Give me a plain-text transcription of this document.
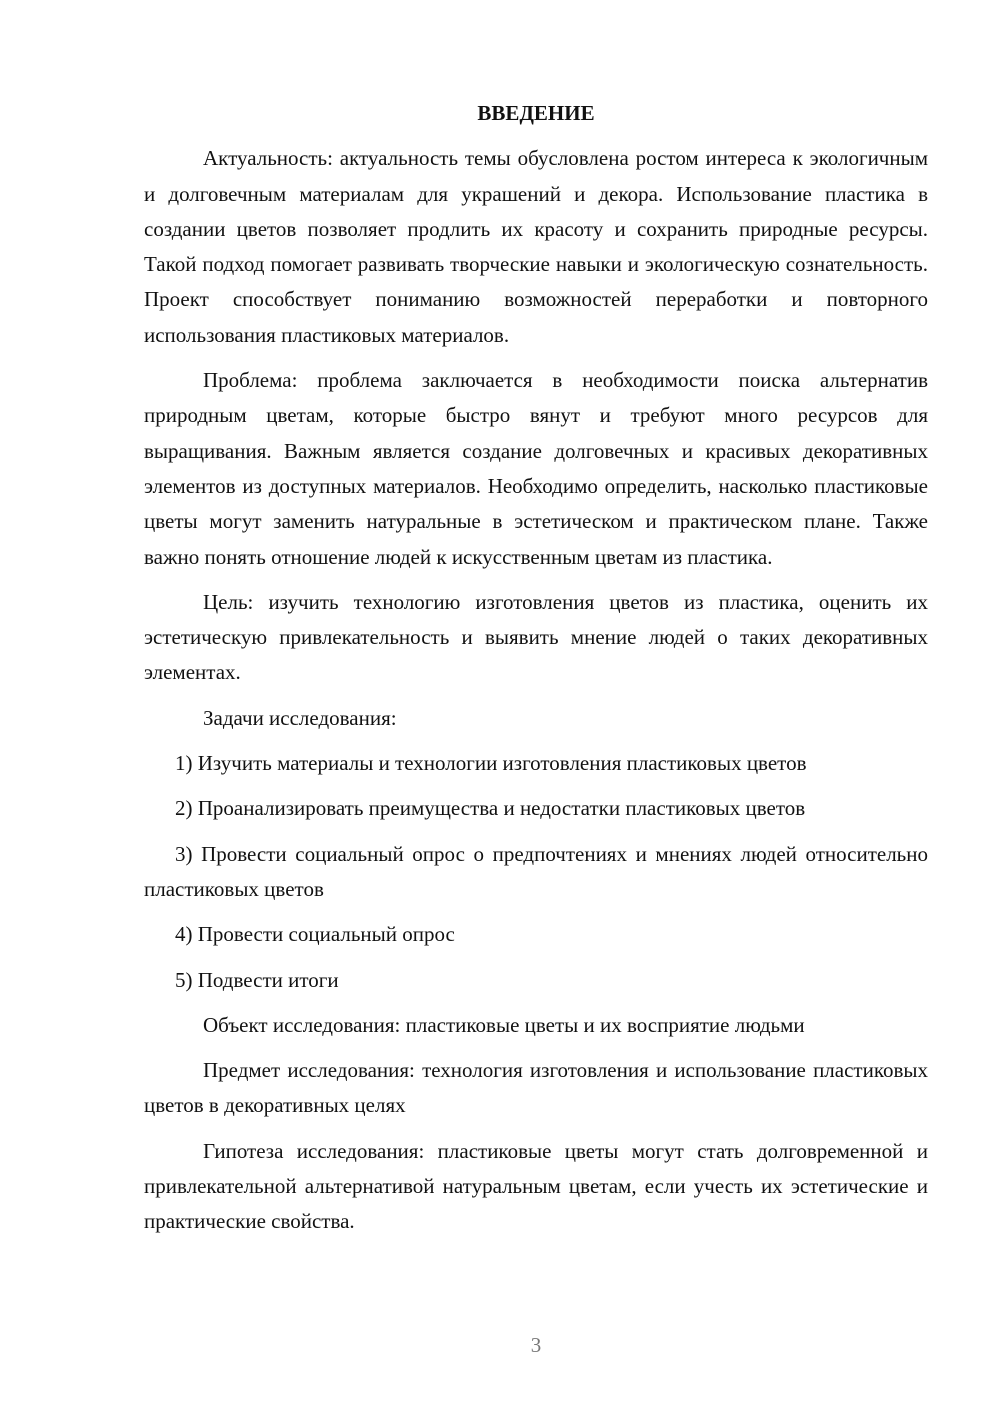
ВВЕДЕНИЕ

Актуальность: актуальность темы обусловлена ростом интереса к экологичным и долговечным материалам для украшений и декора. Использование пластика в создании цветов позволяет продлить их красоту и сохранить природные ресурсы. Такой подход помогает развивать творческие навыки и экологическую сознательность. Проект способствует пониманию возможностей переработки и повторного использования пластиковых материалов.

Проблема: проблема заключается в необходимости поиска альтернатив природным цветам, которые быстро вянут и требуют много ресурсов для выращивания. Важным является создание долговечных и красивых декоративных элементов из доступных материалов. Необходимо определить, насколько пластиковые цветы могут заменить натуральные в эстетическом и практическом плане. Также важно понять отношение людей к искусственным цветам из пластика.

Цель: изучить технологию изготовления цветов из пластика, оценить их эстетическую привлекательность и выявить мнение людей о таких декоративных элементах.

Задачи исследования:

1) Изучить материалы и технологии изготовления пластиковых цветов

2) Проанализировать преимущества и недостатки пластиковых цветов

3) Провести социальный опрос о предпочтениях и мнениях людей относительно пластиковых цветов

4) Провести социальный опрос

5) Подвести итоги

Объект исследования: пластиковые цветы и их восприятие людьми

Предмет исследования: технология изготовления и использование пластиковых цветов в декоративных целях

Гипотеза исследования: пластиковые цветы могут стать долговременной и привлекательной альтернативой натуральным цветам, если учесть их эстетические и практические свойства.

3
